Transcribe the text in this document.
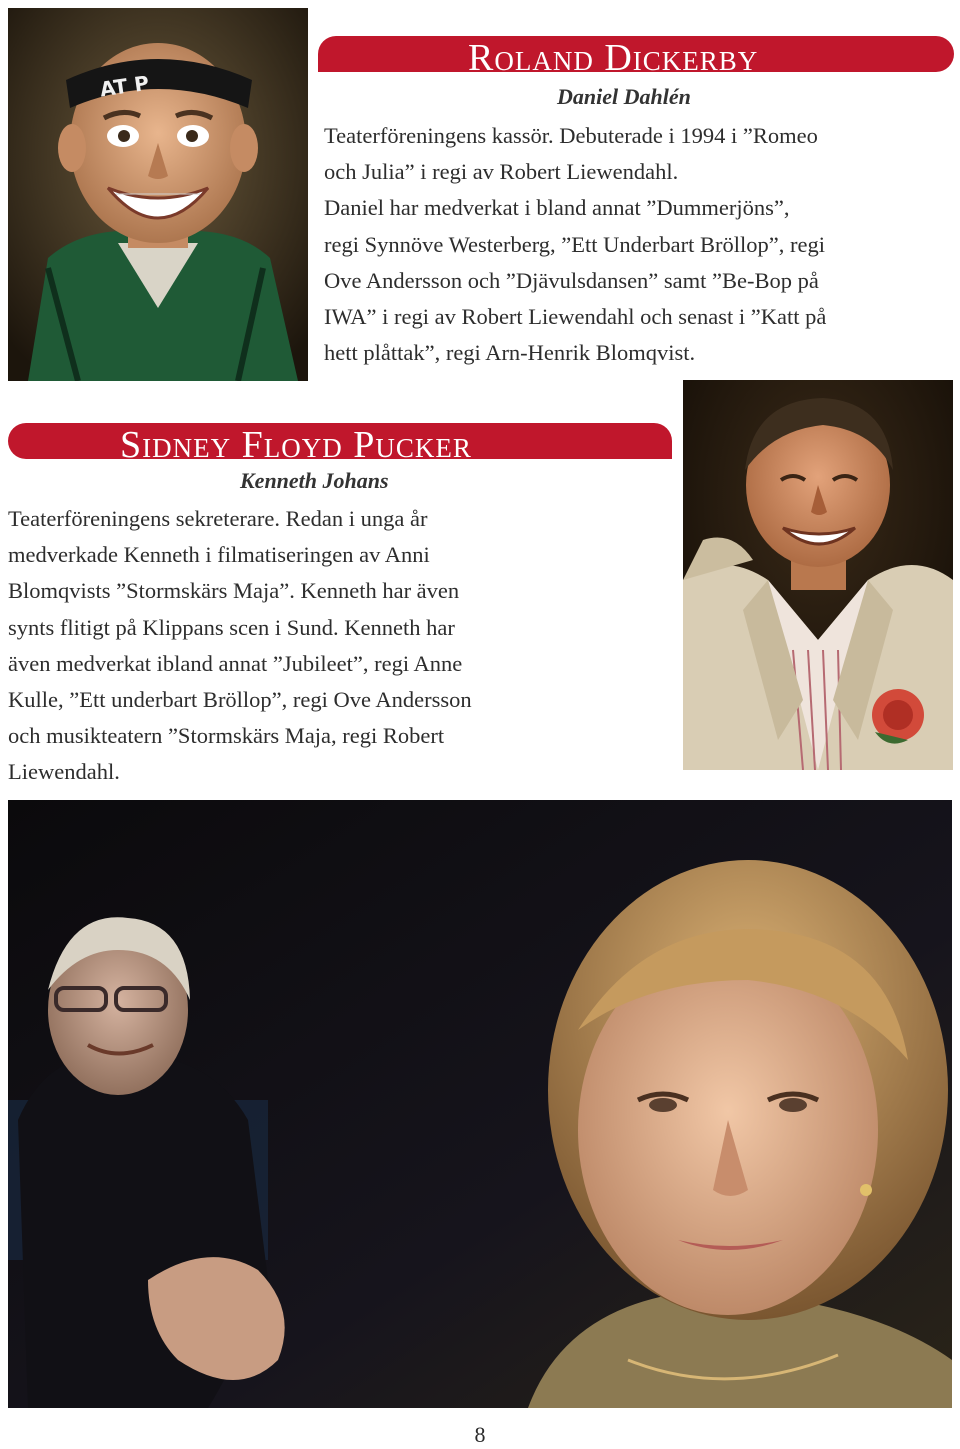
AT P
Roland Dickerby
Daniel Dahlén
Teaterföreningens kassör. Debuterade i 1994 i ”Romeo
och Julia” i regi av Robert Liewendahl.
Daniel har medverkat i bland annat ”Dummerjöns”,
regi Synnöve Westerberg, ”Ett Underbart Bröllop”, regi
Ove Andersson och ”Djävulsdansen” samt ”Be-Bop på
IWA” i regi av Robert Liewendahl och senast i ”Katt på
hett plåttak”, regi Arn-Henrik Blomqvist.
Sidney Floyd Pucker
Kenneth Johans
Teaterföreningens sekreterare. Redan i unga år
medverkade Kenneth i filmatiseringen av Anni
Blomqvists ”Stormskärs Maja”. Kenneth har även
synts flitigt på Klippans scen i Sund. Kenneth har
även medverkat ibland annat ”Jubileet”, regi Anne
Kulle, ”Ett underbart Bröllop”, regi Ove Andersson
och musikteatern ”Stormskärs Maja, regi Robert
Liewendahl.
8
